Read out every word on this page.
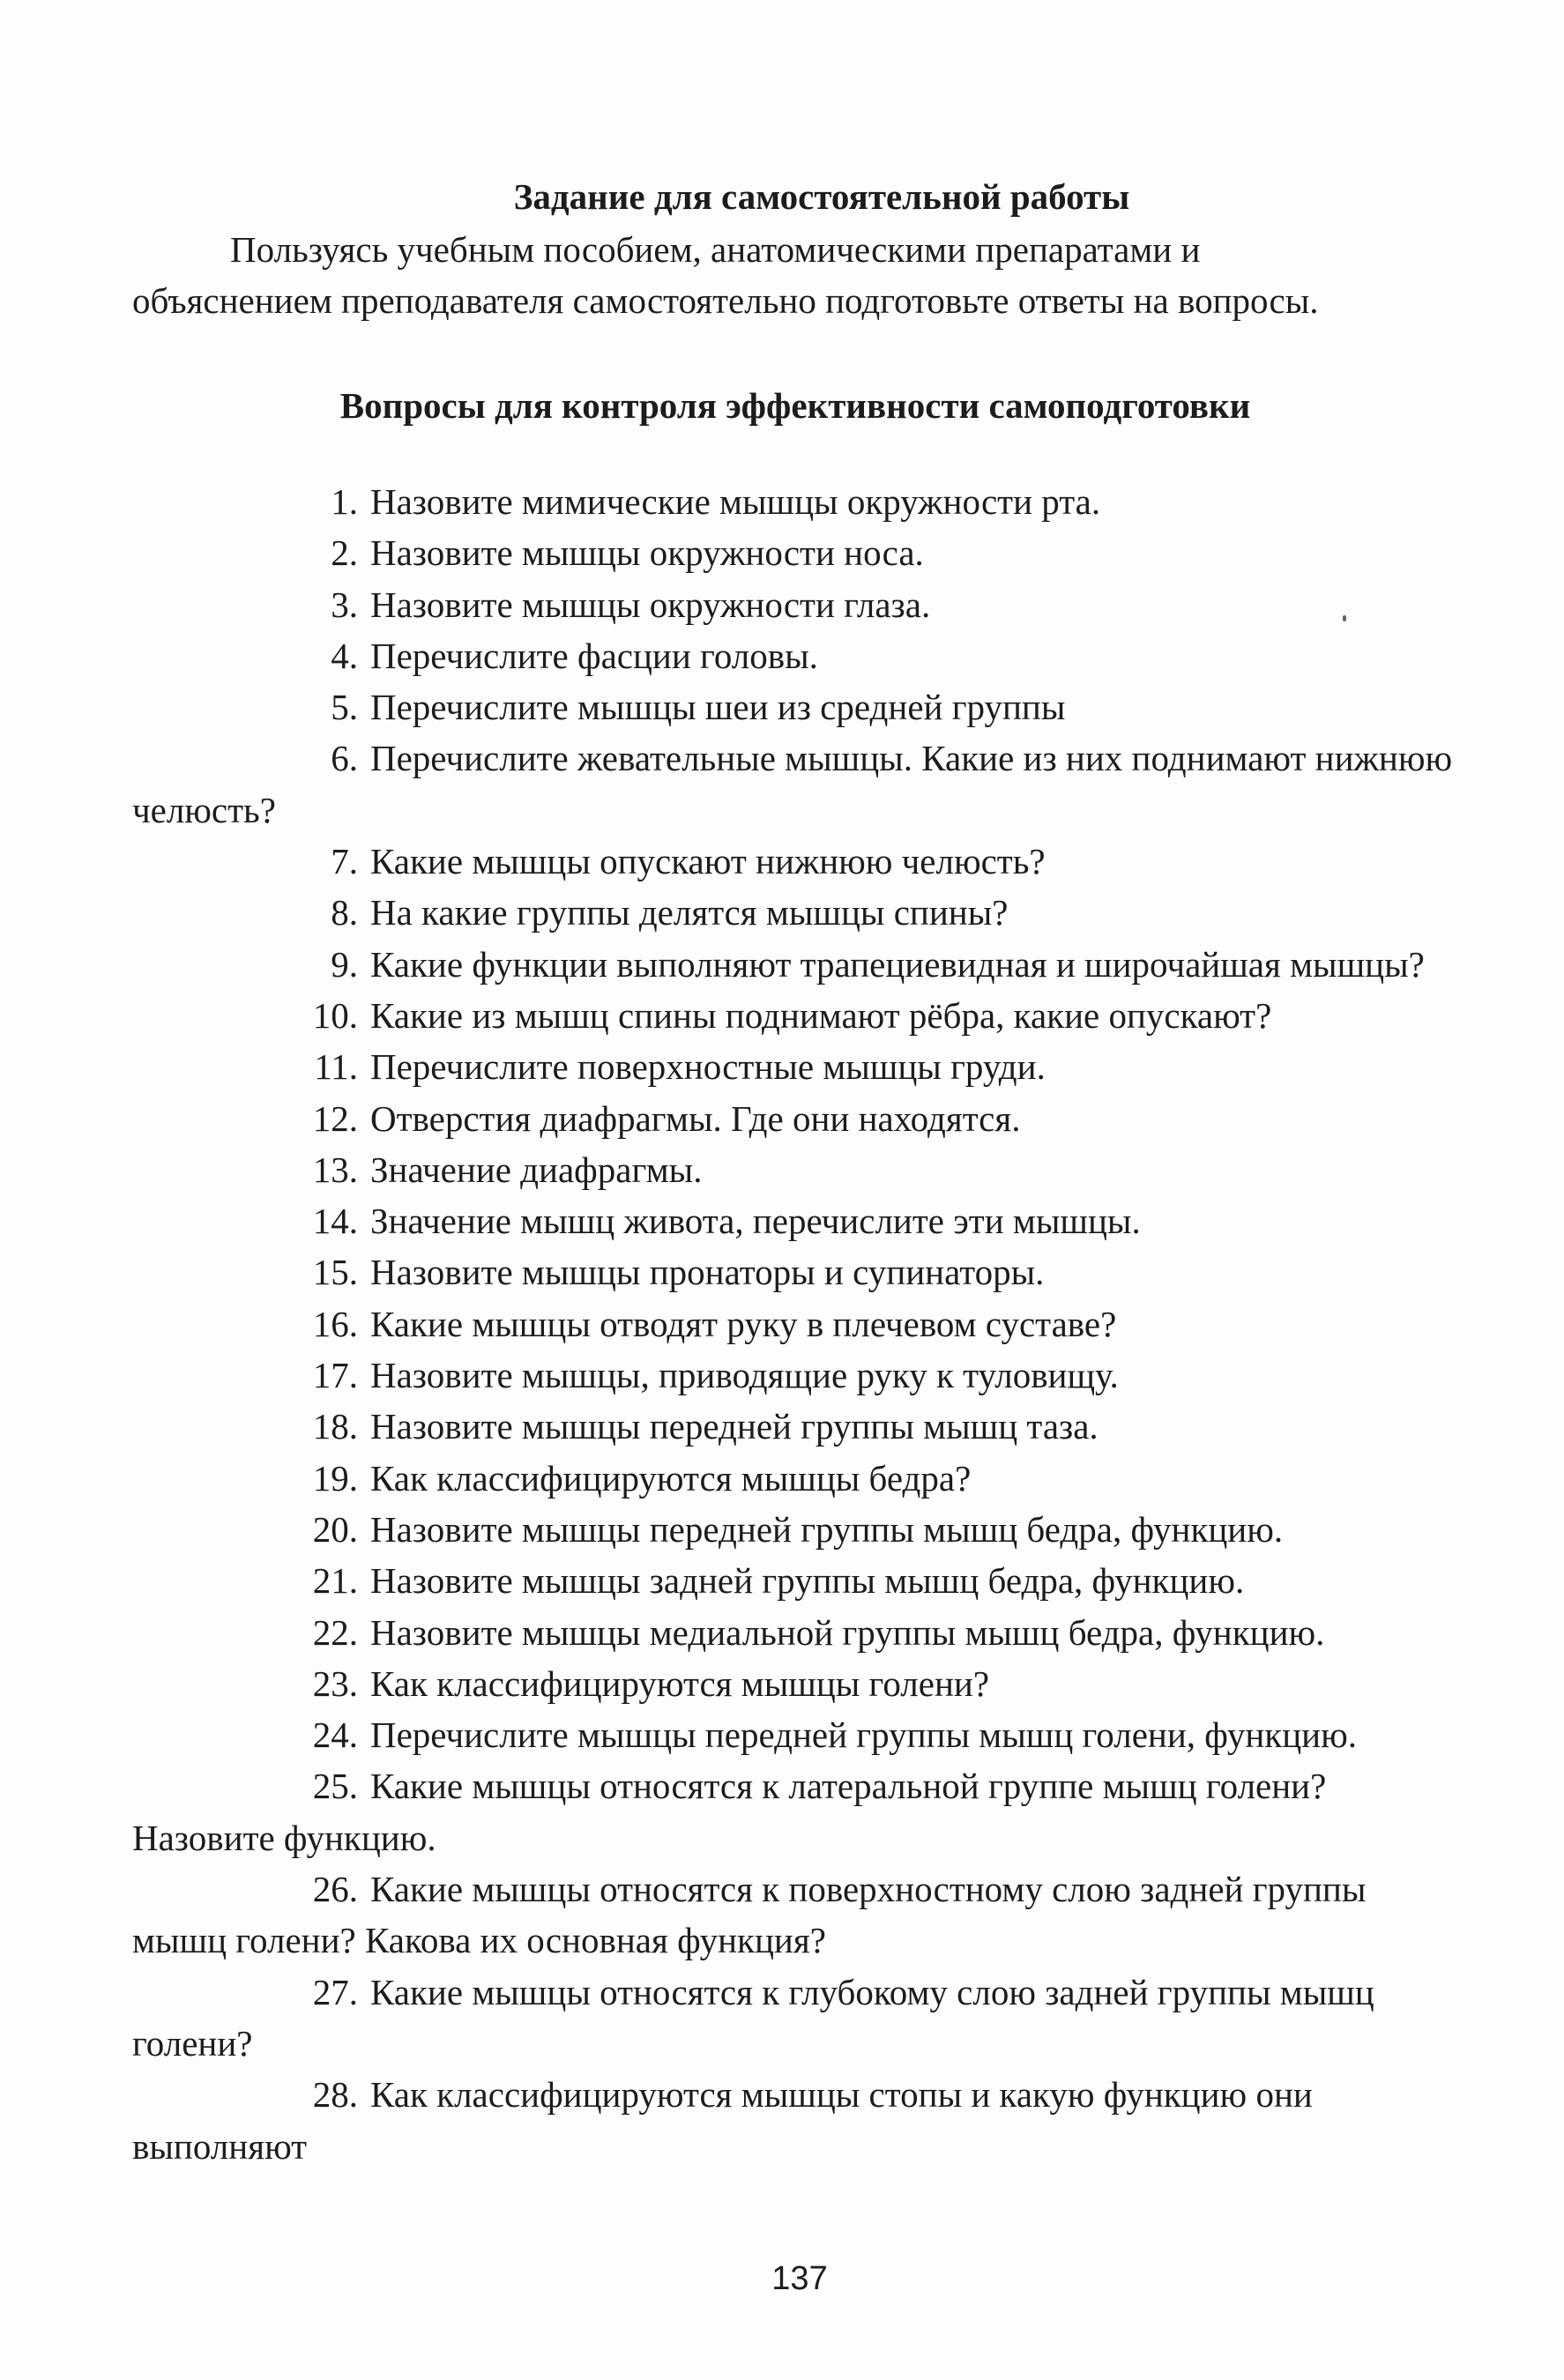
Задание для самостоятельной работы

Пользуясь учебным пособием, анатомическими препаратами и
объяснением преподавателя самостоятельно подготовьте ответы на вопросы.

Вопросы для контроля эффективности самоподготовки
1. Назовите мимические мышцы окружности рта.
2. Назовите мышцы окружности носа.
3. Назовите мышцы окружности глаза.
4. Перечислите фасции головы.
5. Перечислите мышцы шеи из средней группы
6. Перечислите жевательные мышцы. Какие из них поднимают нижнюю
челюсть?
7. Какие мышцы опускают нижнюю челюсть?
8. На какие группы делятся мышцы спины?
9. Какие функции выполняют трапециевидная и широчайшая мышцы?
10. Какие из мышц спины поднимают рёбра, какие опускают?
11. Перечислите поверхностные мышцы груди.
12. Отверстия диафрагмы. Где они находятся.
13. Значение диафрагмы.
14. Значение мышц живота, перечислите эти мышцы.
15. Назовите мышцы пронаторы и супинаторы.
16. Какие мышцы отводят руку в плечевом суставе?
17. Назовите мышцы, приводящие руку к туловищу.
18. Назовите мышцы передней группы мышц таза.
19. Как классифицируются мышцы бедра?
20. Назовите мышцы передней группы мышц бедра, функцию.
21. Назовите мышцы задней группы мышц бедра, функцию.
22. Назовите мышцы медиальной группы мышц бедра, функцию.
23. Как классифицируются мышцы голени?
24. Перечислите мышцы передней группы мышц голени, функцию.
25. Какие мышцы относятся к латеральной группе мышц голени?
Назовите функцию.
26. Какие мышцы относятся к поверхностному слою задней группы
мышц голени? Какова их основная функция?
27. Какие мышцы относятся к глубокому слою задней группы мышц
голени?
28. Как классифицируются мышцы стопы и какую функцию они
выполняют
137
